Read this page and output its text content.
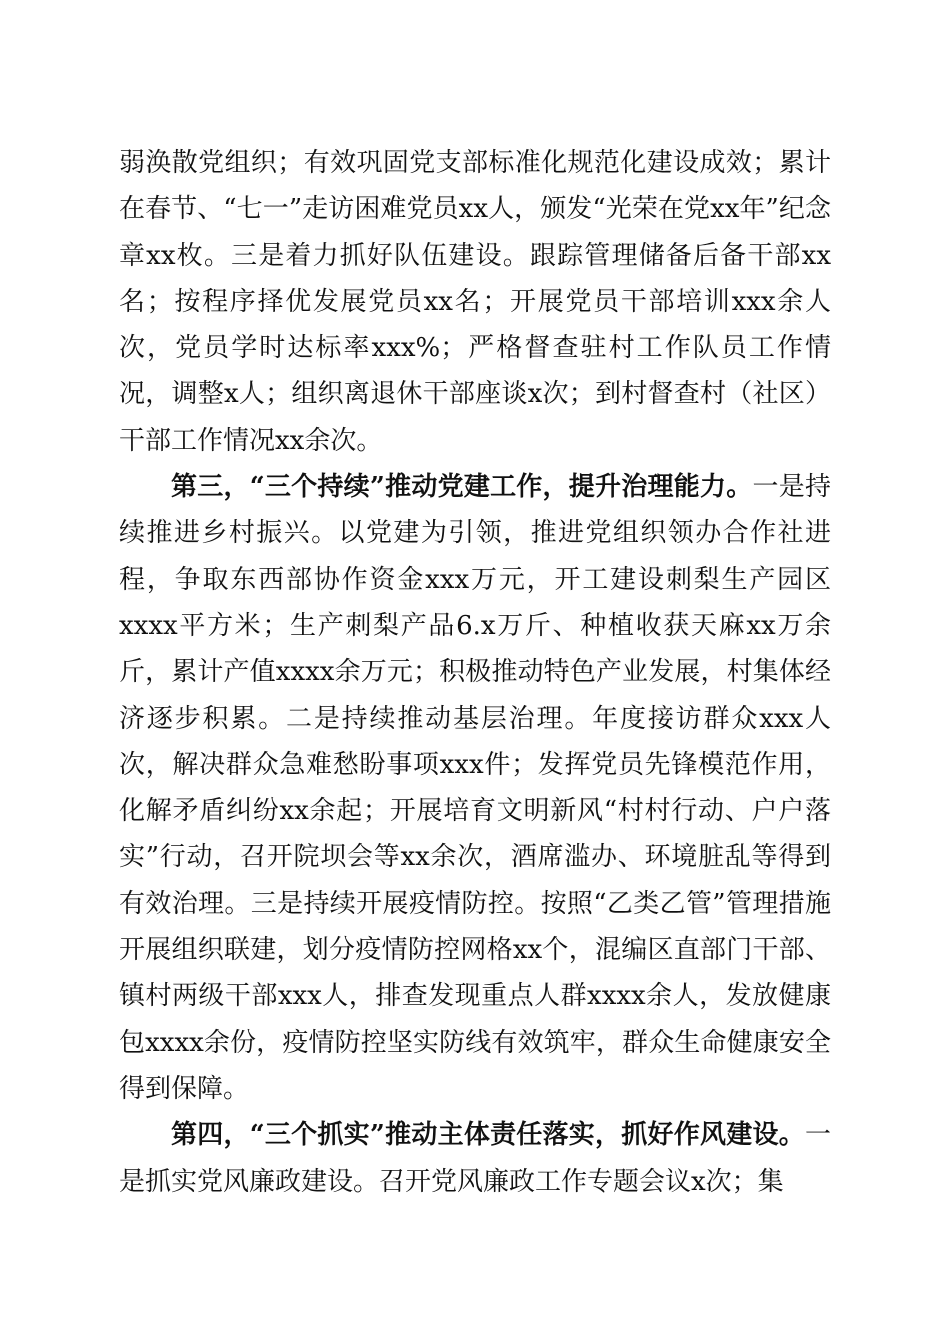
弱涣散党组织；有效巩固党支部标准化规范化建设成效；累计在春节、“七一”走访困难党员xx人，颁发“光荣在党xx年”纪念章xx枚。三是着力抓好队伍建设。跟踪管理储备后备干部xx名；按程序择优发展党员xx名；开展党员干部培训xxx余人次，党员学时达标率xxx%；严格督查驻村工作队员工作情况，调整x人；组织离退休干部座谈x次；到村督查村（社区）干部工作情况xx余次。

第三，“三个持续”推动党建工作，提升治理能力。一是持续推进乡村振兴。以党建为引领，推进党组织领办合作社进程，争取东西部协作资金xxx万元，开工建设刺梨生产园区xxxx平方米；生产刺梨产品6.x万斤、种植收获天麻xx万余斤，累计产值xxxx余万元；积极推动特色产业发展，村集体经济逐步积累。二是持续推动基层治理。年度接访群众xxx人次，解决群众急难愁盼事项xxx件；发挥党员先锋模范作用，化解矛盾纠纷xx余起；开展培育文明新风“村村行动、户户落实”行动，召开院坝会等xx余次，酒席滥办、环境脏乱等得到有效治理。三是持续开展疫情防控。按照“乙类乙管”管理措施开展组织联建，划分疫情防控网格xx个，混编区直部门干部、镇村两级干部xxx人，排查发现重点人群xxxx余人，发放健康包xxxx余份，疫情防控坚实防线有效筑牢，群众生命健康安全得到保障。

第四，“三个抓实”推动主体责任落实，抓好作风建设。一是抓实党风廉政建设。召开党风廉政工作专题会议x次；集
